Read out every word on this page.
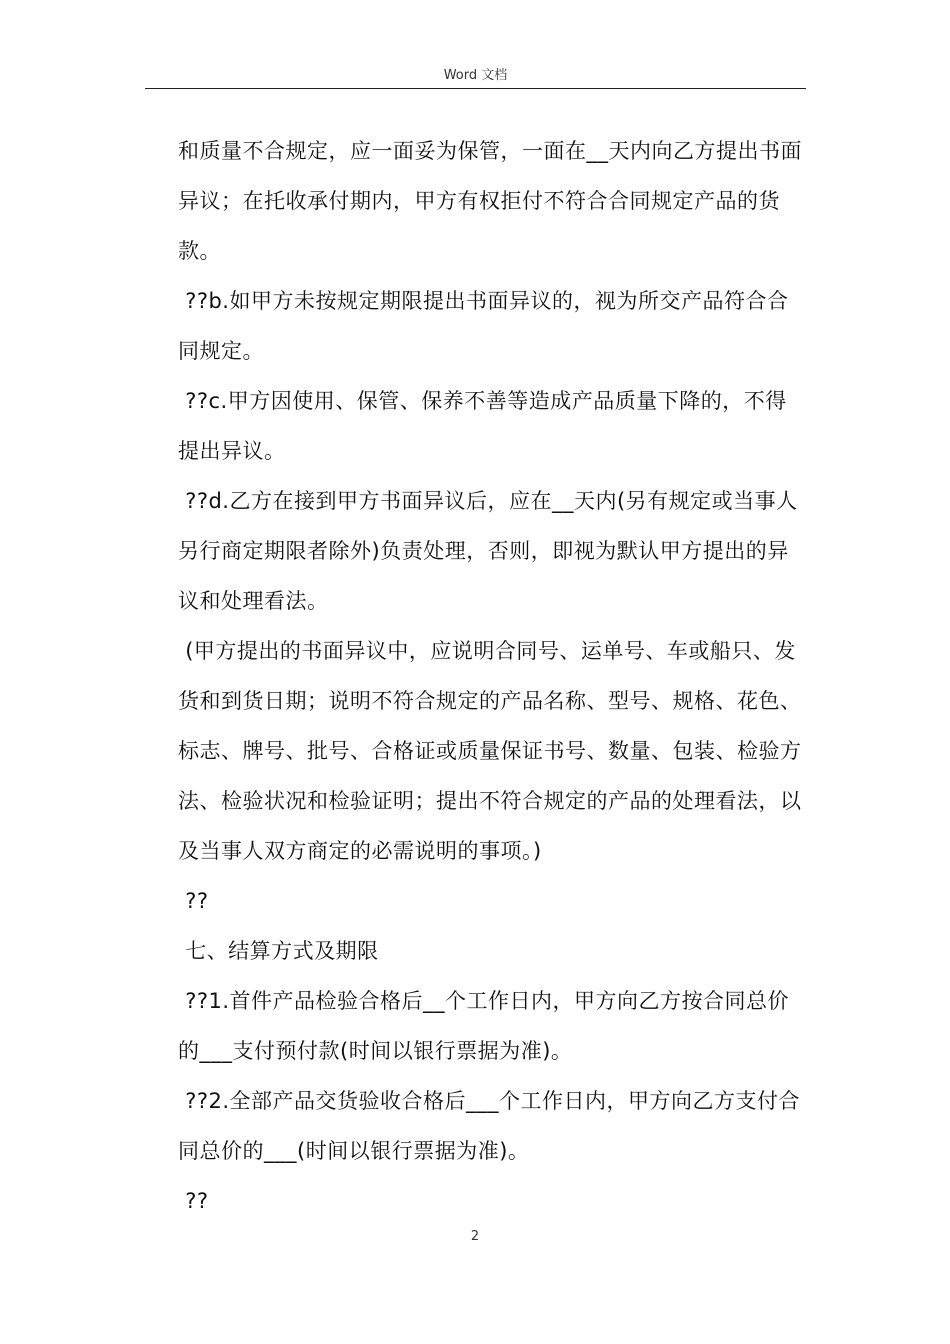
Word 文档

和质量不合规定，应一面妥为保管，一面在__天内向乙方提出书面异议；在托收承付期内，甲方有权拒付不符合合同规定产品的货款。

??b.如甲方未按规定期限提出书面异议的，视为所交产品符合合同规定。

??c.甲方因使用、保管、保养不善等造成产品质量下降的，不得提出异议。

??d.乙方在接到甲方书面异议后，应在__天内(另有规定或当事人另行商定期限者除外)负责处理，否则，即视为默认甲方提出的异议和处理看法。

(甲方提出的书面异议中，应说明合同号、运单号、车或船只、发货和到货日期；说明不符合规定的产品名称、型号、规格、花色、标志、牌号、批号、合格证或质量保证书号、数量、包装、检验方法、检验状况和检验证明；提出不符合规定的产品的处理看法，以及当事人双方商定的必需说明的事项。)

??

七、结算方式及期限

??1.首件产品检验合格后__个工作日内，甲方向乙方按合同总价的___支付预付款(时间以银行票据为准)。

??2.全部产品交货验收合格后___个工作日内，甲方向乙方支付合同总价的___(时间以银行票据为准)。

??

2
